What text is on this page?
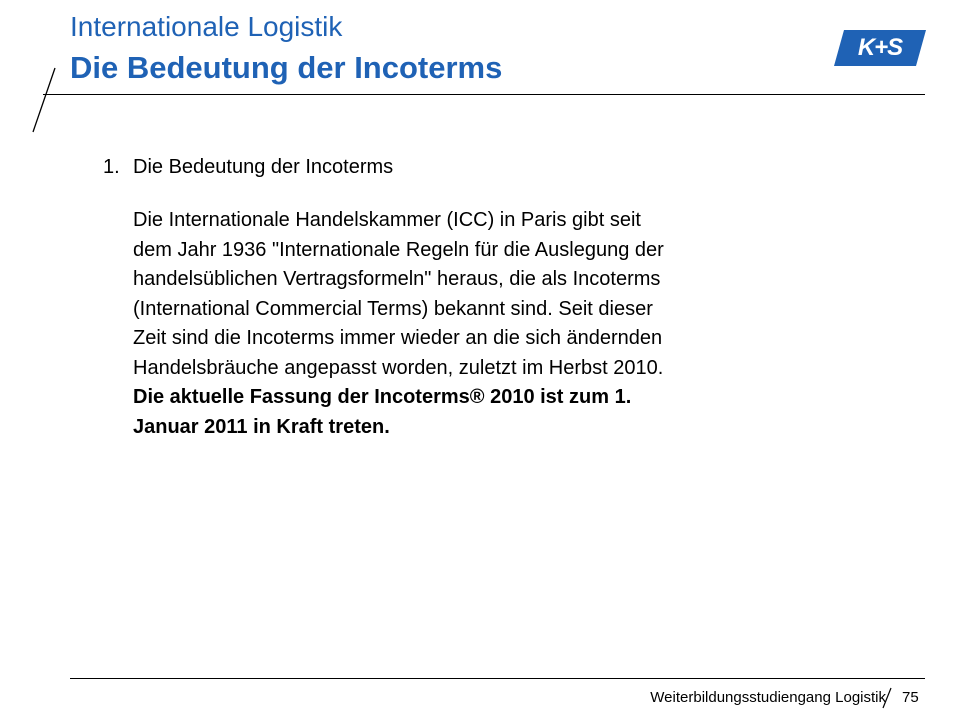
Internationale Logistik
Die Bedeutung der Incoterms
K+S
1. Die Bedeutung der Incoterms
Die Internationale Handelskammer (ICC) in Paris gibt seit
dem Jahr 1936 "Internationale Regeln für die Auslegung der
handelsüblichen Vertragsformeln" heraus, die als Incoterms
(International Commercial Terms) bekannt sind. Seit dieser
Zeit sind die Incoterms immer wieder an die sich ändernden
Handelsbräuche angepasst worden, zuletzt im Herbst 2010.
Die aktuelle Fassung der Incoterms® 2010 ist zum 1.
Januar 2011 in Kraft treten.
Weiterbildungsstudiengang Logistik 75
